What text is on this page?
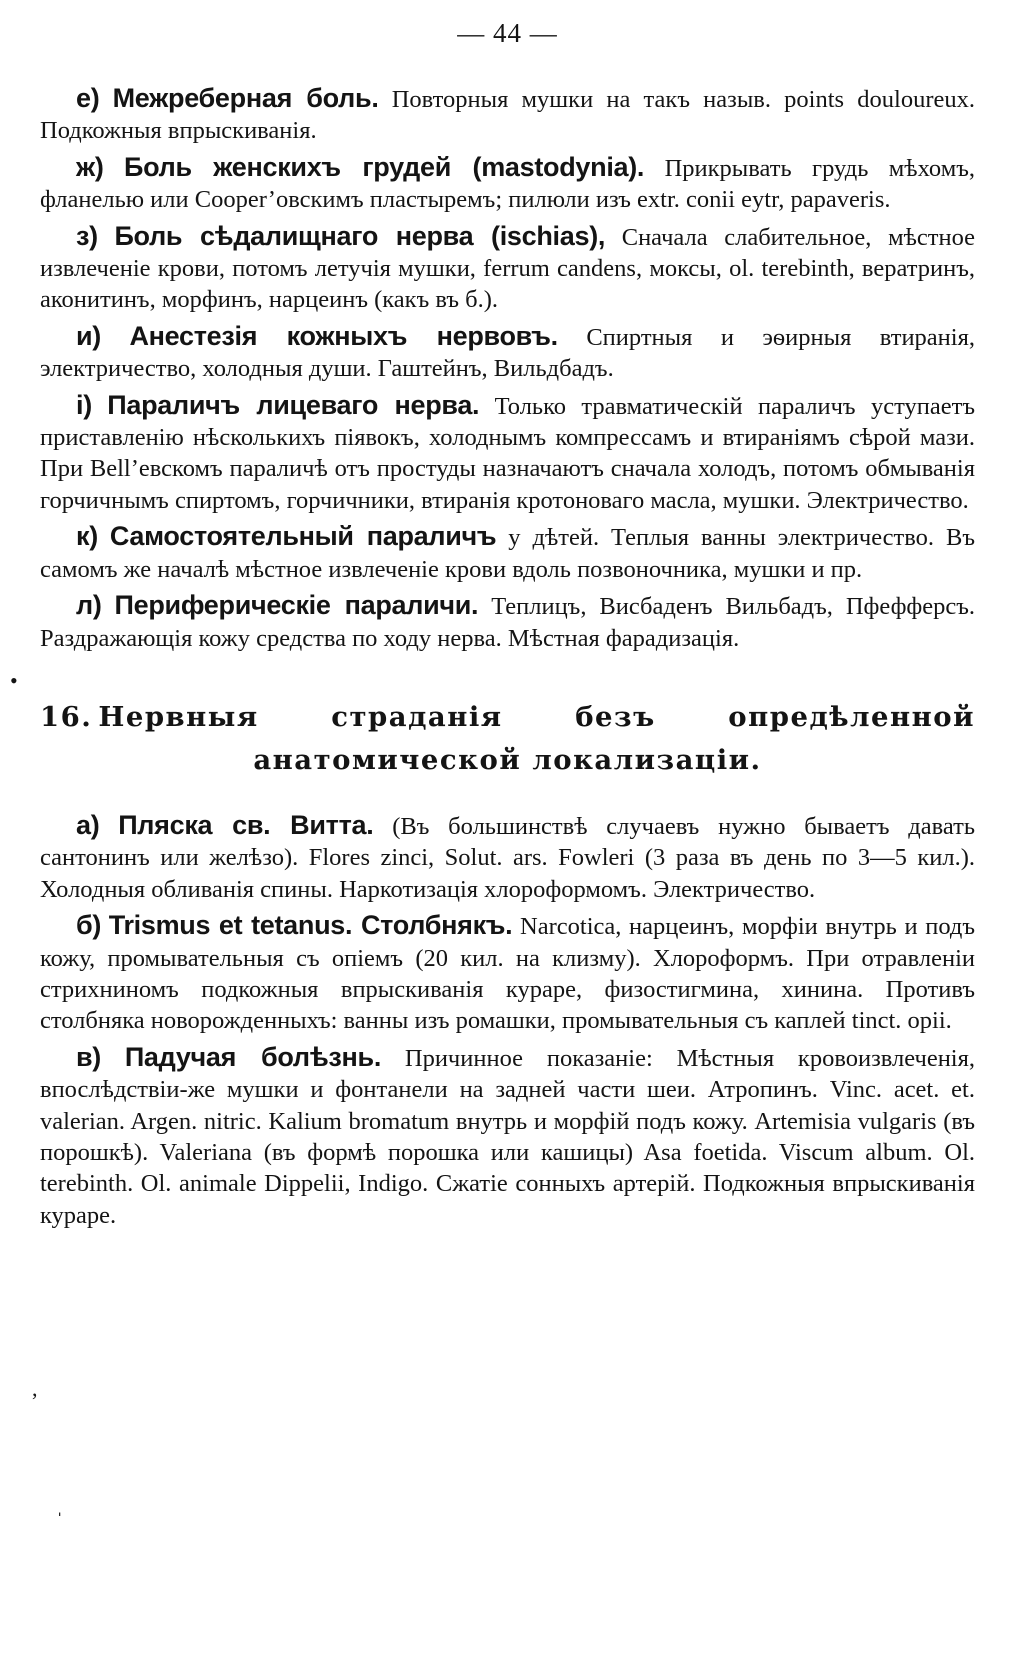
— 44 —

е) Межреберная боль. Повторныя мушки на такъ назыв. points douloureux. Подкожныя впрыскиванія.

ж) Боль женскихъ грудей (mastodynia). Прикрывать грудь мѣхомъ, фланелью или Cooper’овскимъ пластыремъ; пилюли изъ extr. conii eytr, papaveris.

з) Боль сѣдалищнаго нерва (ischias), Сначала слабительное, мѣстное извлеченіе крови, потомъ летучія мушки, ferrum candens, моксы, ol. terebinth, вератринъ, аконитинъ, морфинъ, нарцеинъ (какъ въ б.).

и) Анестезія кожныхъ нервовъ. Спиртныя и эѳирныя втиранія, электричество, холодныя души. Гаштейнъ, Вильдбадъ.

і) Параличъ лицеваго нерва. Только травматическій параличъ уступаетъ приставленію нѣсколькихъ піявокъ, холоднымъ компрессамъ и втираніямъ сѣрой мази. При Bell’евскомъ параличѣ отъ простуды назначаютъ сначала холодъ, потомъ обмыванія горчичнымъ спиртомъ, горчичники, втиранія кротоноваго масла, мушки. Электричество.

к) Самостоятельный параличъ у дѣтей. Теплыя ванны электричество. Въ самомъ же началѣ мѣстное извлеченіе крови вдоль позвоночника, мушки и пр.

л) Периферическіе параличи. Теплицъ, Висбаденъ Вильбадъ, Пфефферсъ. Раздражающія кожу средства по ходу нерва. Мѣстная фарадизація.

16. Нервныя страданія безъ опредѣленной
анатомической локализаціи.

а) Пляска св. Витта. (Въ большинствѣ случаевъ нужно бываетъ давать сантонинъ или желѣзо). Flores zinci, Solut. ars. Fowleri (3 раза въ день по 3—5 кил.). Холодныя обливанія спины. Наркотизація хлороформомъ. Электричество.

б) Trismus et tetanus. Столбнякъ. Narcotica, нарцеинъ, морфіи внутрь и подъ кожу, промывательныя съ опіемъ (20 кил. на клизму). Хлороформъ. При отравленіи стрихниномъ подкожныя впрыскиванія кураре, физостигмина, хинина. Противъ столбняка новорожденныхъ: ванны изъ ромашки, промывательныя съ каплей tinct. opii.

в) Падучая болѣзнь. Причинное показаніе: Мѣстныя кровоизвлеченія, впослѣдствіи-же мушки и фонтанели на задней части шеи. Атропинъ. Vinc. acet. et. valerian. Argen. nitric. Kalium bromatum внутрь и морфій подъ кожу. Artemisia vulgaris (въ порошкѣ). Valeriana (въ формѣ порошка или кашицы) Asa foetida. Viscum album. Ol. terebinth. Ol. animale Dippelii, Indigo. Сжатіе сонныхъ артерій. Подкожныя впрыскиванія кураре.

•
,
ˈ
